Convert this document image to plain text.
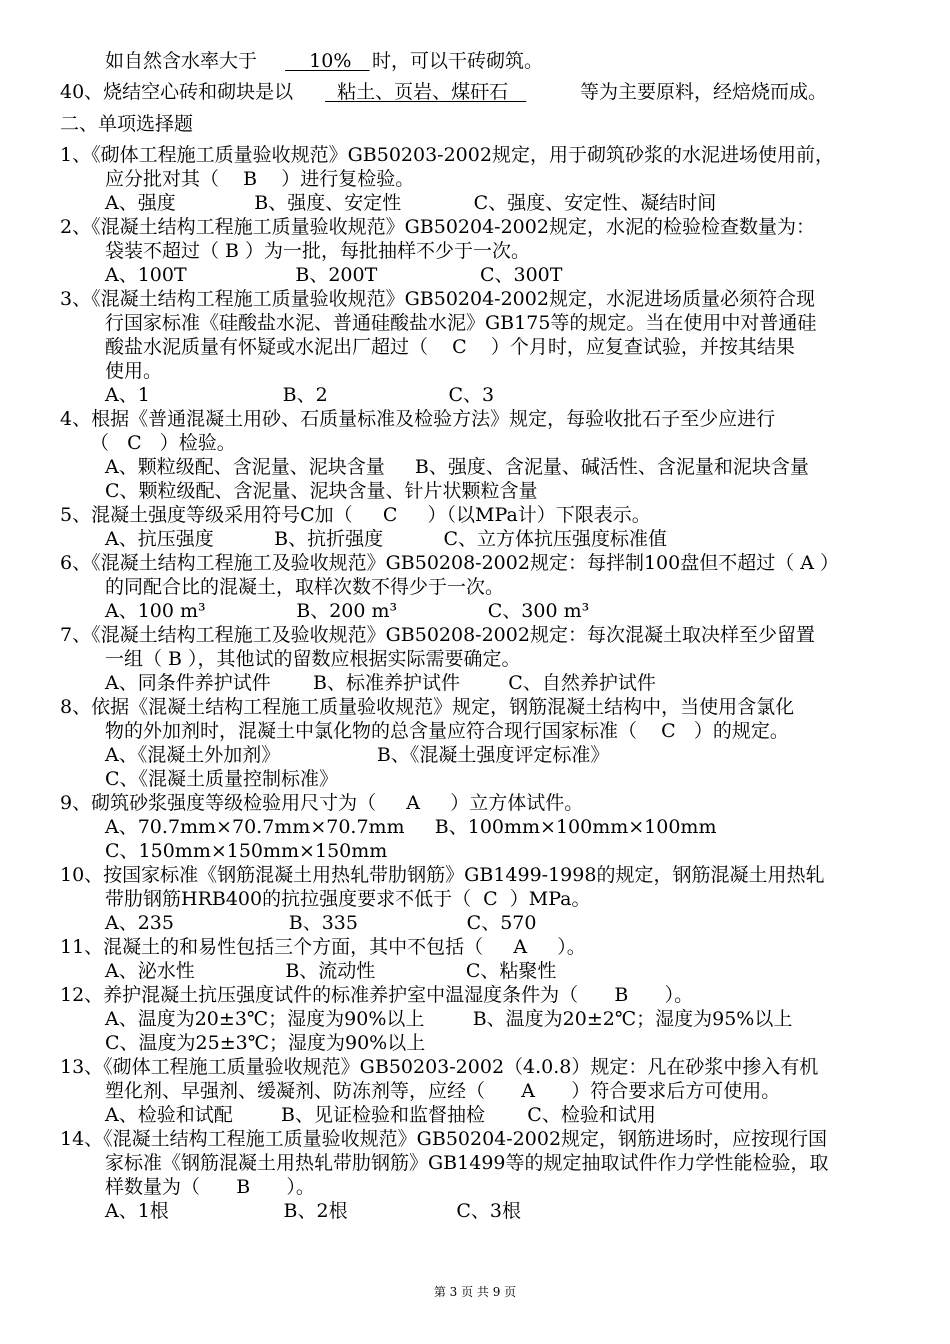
如自然含水率大于 10% 时，可以干砖砌筑。
40、烧结空心砖和砌块是以 粘土、页岩、煤矸石	等为主要原料，经焙烧而成。
二、单项选择题
1、《砌体工程施工质量验收规范》GB50203-2002规定，用于砌筑砂浆的水泥进场使用前，
应分批对其（    B    ）进行复检验。
A、强度             B、强度、安定性            C、强度、安定性、凝结时间
2、《混凝土结构工程施工质量验收规范》GB50204-2002规定，水泥的检验检查数量为：
袋装不超过（ B ）为一批，每批抽样不少于一次。
A、100T                  B、200T                 C、300T
3、《混凝土结构工程施工质量验收规范》GB50204-2002规定，水泥进场质量必须符合现
行国家标准《硅酸盐水泥、普通硅酸盐水泥》GB175等的规定。当在使用中对普通硅
酸盐水泥质量有怀疑或水泥出厂超过（    C    ）个月时，应复查试验，并按其结果
使用。
A、1                      B、2                    C、3
4、根据《普通混凝土用砂、石质量标准及检验方法》规定，每验收批石子至少应进行
（   C   ）检验。
A、颗粒级配、含泥量、泥块含量     B、强度、含泥量、碱活性、含泥量和泥块含量
C、颗粒级配、含泥量、泥块含量、针片状颗粒含量
5、混凝土强度等级采用符号C加（     C     ）（以MPa计）下限表示。
A、抗压强度          B、抗折强度          C、立方体抗压强度标准值
6、《混凝土结构工程施工及验收规范》GB50208-2002规定：每拌制100盘但不超过（ A ）
的同配合比的混凝土，取样次数不得少于一次。
A、100 m³               B、200 m³               C、300 m³
7、《混凝土结构工程施工及验收规范》GB50208-2002规定：每次混凝土取决样至少留置
一组（ B ），其他试的留数应根据实际需要确定。
A、同条件养护试件       B、标准养护试件        C、自然养护试件
8、依据《混凝土结构工程施工质量验收规范》规定，钢筋混凝土结构中，当使用含氯化
物的外加剂时，混凝土中氯化物的总含量应符合现行国家标准（    C   ）的规定。
A、《混凝土外加剂》                B、《混凝土强度评定标准》
C、《混凝土质量控制标准》
9、砌筑砂浆强度等级检验用尺寸为（     A     ）立方体试件。
A、70.7mm×70.7mm×70.7mm     B、100mm×100mm×100mm
C、150mm×150mm×150mm
10、按国家标准《钢筋混凝土用热轧带肋钢筋》GB1499-1998的规定，钢筋混凝土用热轧
带肋钢筋HRB400的抗拉强度要求不低于（  C  ）MPa。
A、235                   B、335                  C、570
11、混凝土的和易性包括三个方面，其中不包括（     A     ）。
A、泌水性               B、流动性               C、粘聚性
12、养护混凝土抗压强度试件的标准养护室中温湿度条件为（      B      ）。
A、温度为20±3℃；湿度为90%以上        B、温度为20±2℃；湿度为95%以上
C、温度为25±3℃；湿度为90%以上
13、《砌体工程施工质量验收规范》GB50203-2002（4.0.8）规定：凡在砂浆中掺入有机
塑化剂、早强剂、缓凝剂、防冻剂等，应经（      A      ）符合要求后方可使用。
A、检验和试配        B、见证检验和监督抽检       C、检验和试用
14、《混凝土结构工程施工质量验收规范》GB50204-2002规定，钢筋进场时，应按现行国
家标准《钢筋混凝土用热轧带肋钢筋》GB1499等的规定抽取试件作力学性能检验，取
样数量为（      B      ）。
A、1根                   B、2根                  C、3根
第 3 页 共 9 页
